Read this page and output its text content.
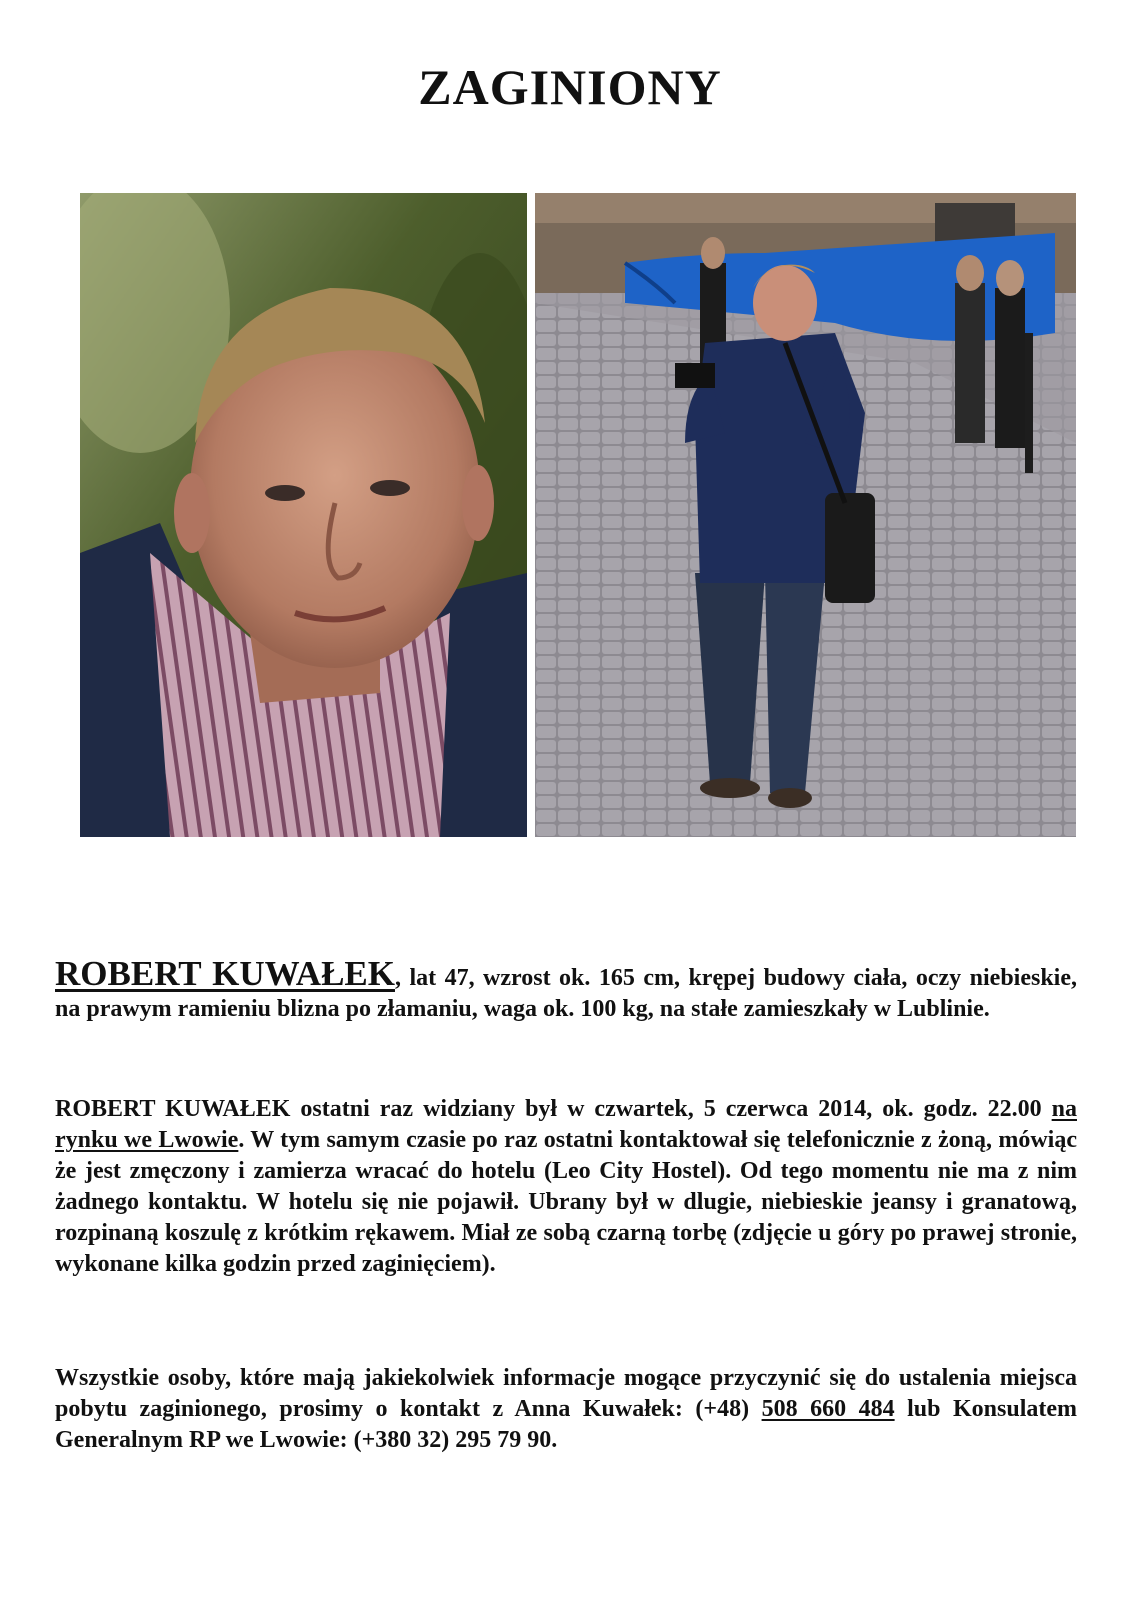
ZAGINIONY

ROBERT KUWAŁEK, lat 47, wzrost ok. 165 cm, krępej budowy ciała, oczy niebieskie, na prawym ramieniu blizna po złamaniu, waga ok. 100 kg, na stałe zamieszkały w Lublinie.

ROBERT KUWAŁEK ostatni raz widziany był w czwartek, 5 czerwca 2014, ok. godz. 22.00 na rynku we Lwowie. W tym samym czasie po raz ostatni kontaktował się telefonicznie z żoną, mówiąc że jest zmęczony i zamierza wracać do hotelu (Leo City Hostel). Od tego momentu nie ma z nim żadnego kontaktu. W hotelu się nie pojawił. Ubrany był w dlugie, niebieskie jeansy i granatową, rozpinaną koszulę z krótkim rękawem. Miał ze sobą czarną torbę (zdjęcie u góry po prawej stronie, wykonane kilka godzin przed zaginięciem).

Wszystkie osoby, które mają jakiekolwiek informacje mogące przyczynić się do ustalenia miejsca pobytu zaginionego, prosimy o kontakt z Anna Kuwałek: (+48) 508 660 484 lub Konsulatem Generalnym RP we Lwowie: (+380 32) 295 79 90.
